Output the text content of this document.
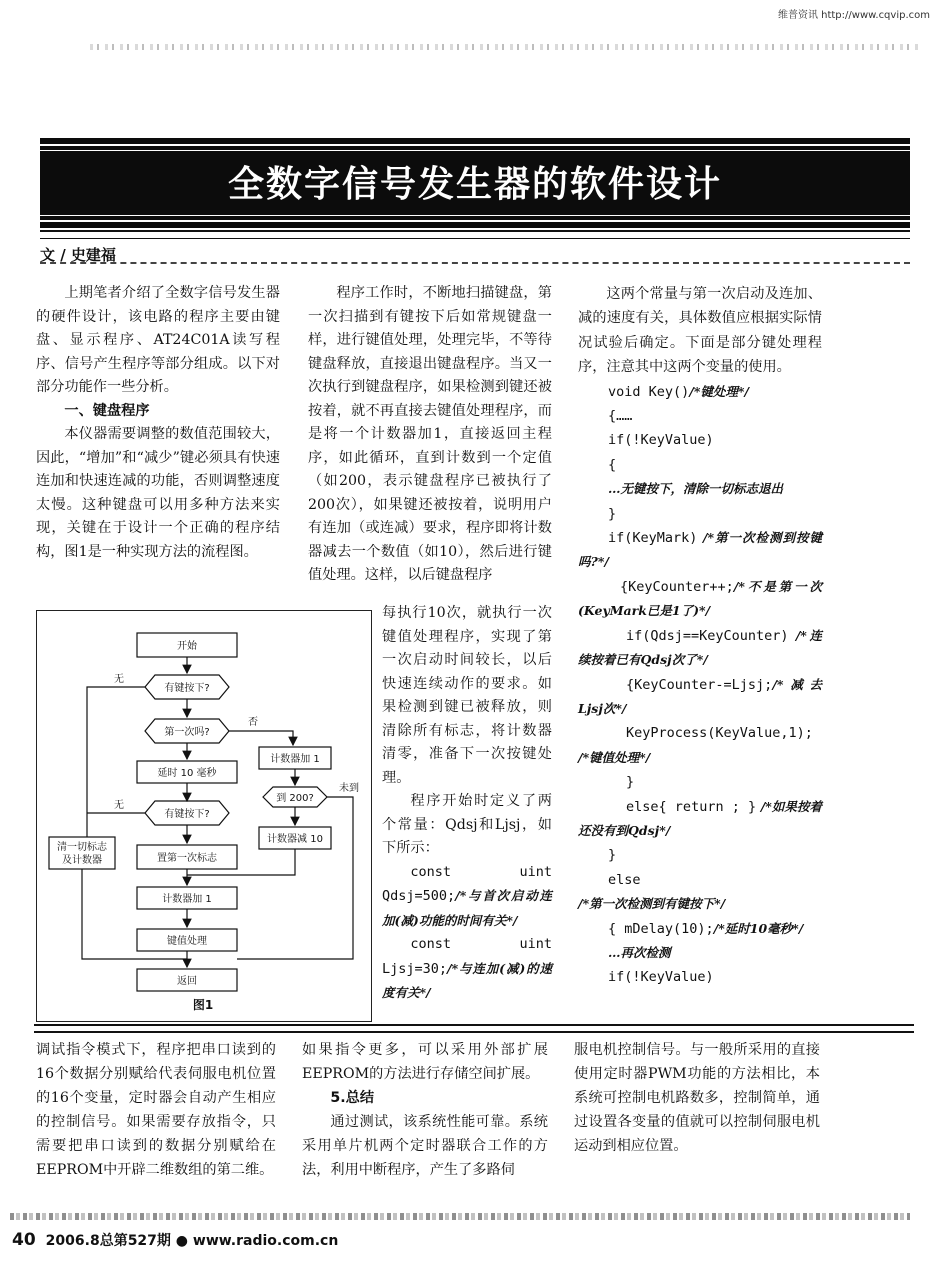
维普资讯 http://www.cqvip.com
全数字信号发生器的软件设计
文 / 史建福

上期笔者介绍了全数字信号发生器的硬件设计，该电路的程序主要由键盘、显示程序、AT24C01A读写程序、信号产生程序等部分组成。以下对部分功能作一些分析。

一、键盘程序

本仪器需要调整的数值范围较大，因此，“增加”和“减少”键必须具有快速连加和快速连减的功能，否则调整速度太慢。这种键盘可以用多种方法来实现，关键在于设计一个正确的程序结构，图1是一种实现方法的流程图。

程序工作时，不断地扫描键盘，第一次扫描到有键按下后如常规键盘一样，进行键值处理，处理完毕，不等待键盘释放，直接退出键盘程序。当又一次执行到键盘程序，如果检测到键还被按着，就不再直接去键值处理程序，而是将一个计数器加1，直接返回主程序，如此循环，直到计数到一个定值（如200，表示键盘程序已被执行了200次），如果键还被按着，说明用户有连加（或连减）要求，程序即将计数器减去一个数值（如10），然后进行键值处理。这样，以后键盘程序

每执行10次，就执行一次键值处理程序，实现了第一次启动时间较长，以后快速连续动作的要求。如果检测到键已被释放，则清除所有标志，将计数器清零，准备下一次按键处理。

程序开始时定义了两个常量：Qdsj和Ljsj，如下所示：

const uint Qdsj=500;/*与首次启动连加(减)功能的时间有关*/

const uint Ljsj=30;/*与连加(减)的速度有关*/

这两个常量与第一次启动及连加、减的速度有关，具体数值应根据实际情况试验后确定。下面是部分键处理程序，注意其中这两个变量的使用。

void Key()/*键处理*/

{……

if(!KeyValue)

{

…无键按下，清除一切标志退出

}

if(KeyMark) /*第一次检测到按键吗?*/

{KeyCounter++;/*不是第一次(KeyMark已是1了)*/

if(Qdsj==KeyCounter) /*连续按着已有Qdsj次了*/

{KeyCounter-=Ljsj;/*减去Ljsj次*/

KeyProcess(KeyValue,1); /*键值处理*/

}

else{ return ; } /*如果按着还没有到Qdsj*/

}

else

/*第一次检测到有键按下*/

{ mDelay(10);/*延时10毫秒*/

…再次检测

if(!KeyValue)

开始
有键按下?
第一次吗?
延时 10 毫秒
有键按下?
置第一次标志
计数器加 1
键值处理
返回
清一切标志
及计数器
计数器加 1
到 200?
计数器减 10
无
无
否
未到
图1

调试指令模式下，程序把串口读到的16个数据分别赋给代表伺服电机位置的16个变量，定时器会自动产生相应的控制信号。如果需要存放指令，只需要把串口读到的数据分别赋给在EEPROM中开辟二维数组的第二维。

如果指令更多，可以采用外部扩展EEPROM的方法进行存储空间扩展。

5.总结

通过测试，该系统性能可靠。系统采用单片机两个定时器联合工作的方法，利用中断程序，产生了多路伺

服电机控制信号。与一般所采用的直接使用定时器PWM功能的方法相比，本系统可控制电机路数多，控制简单，通过设置各变量的值就可以控制伺服电机运动到相应位置。

40 2006.8总第527期 ● www.radio.com.cn
